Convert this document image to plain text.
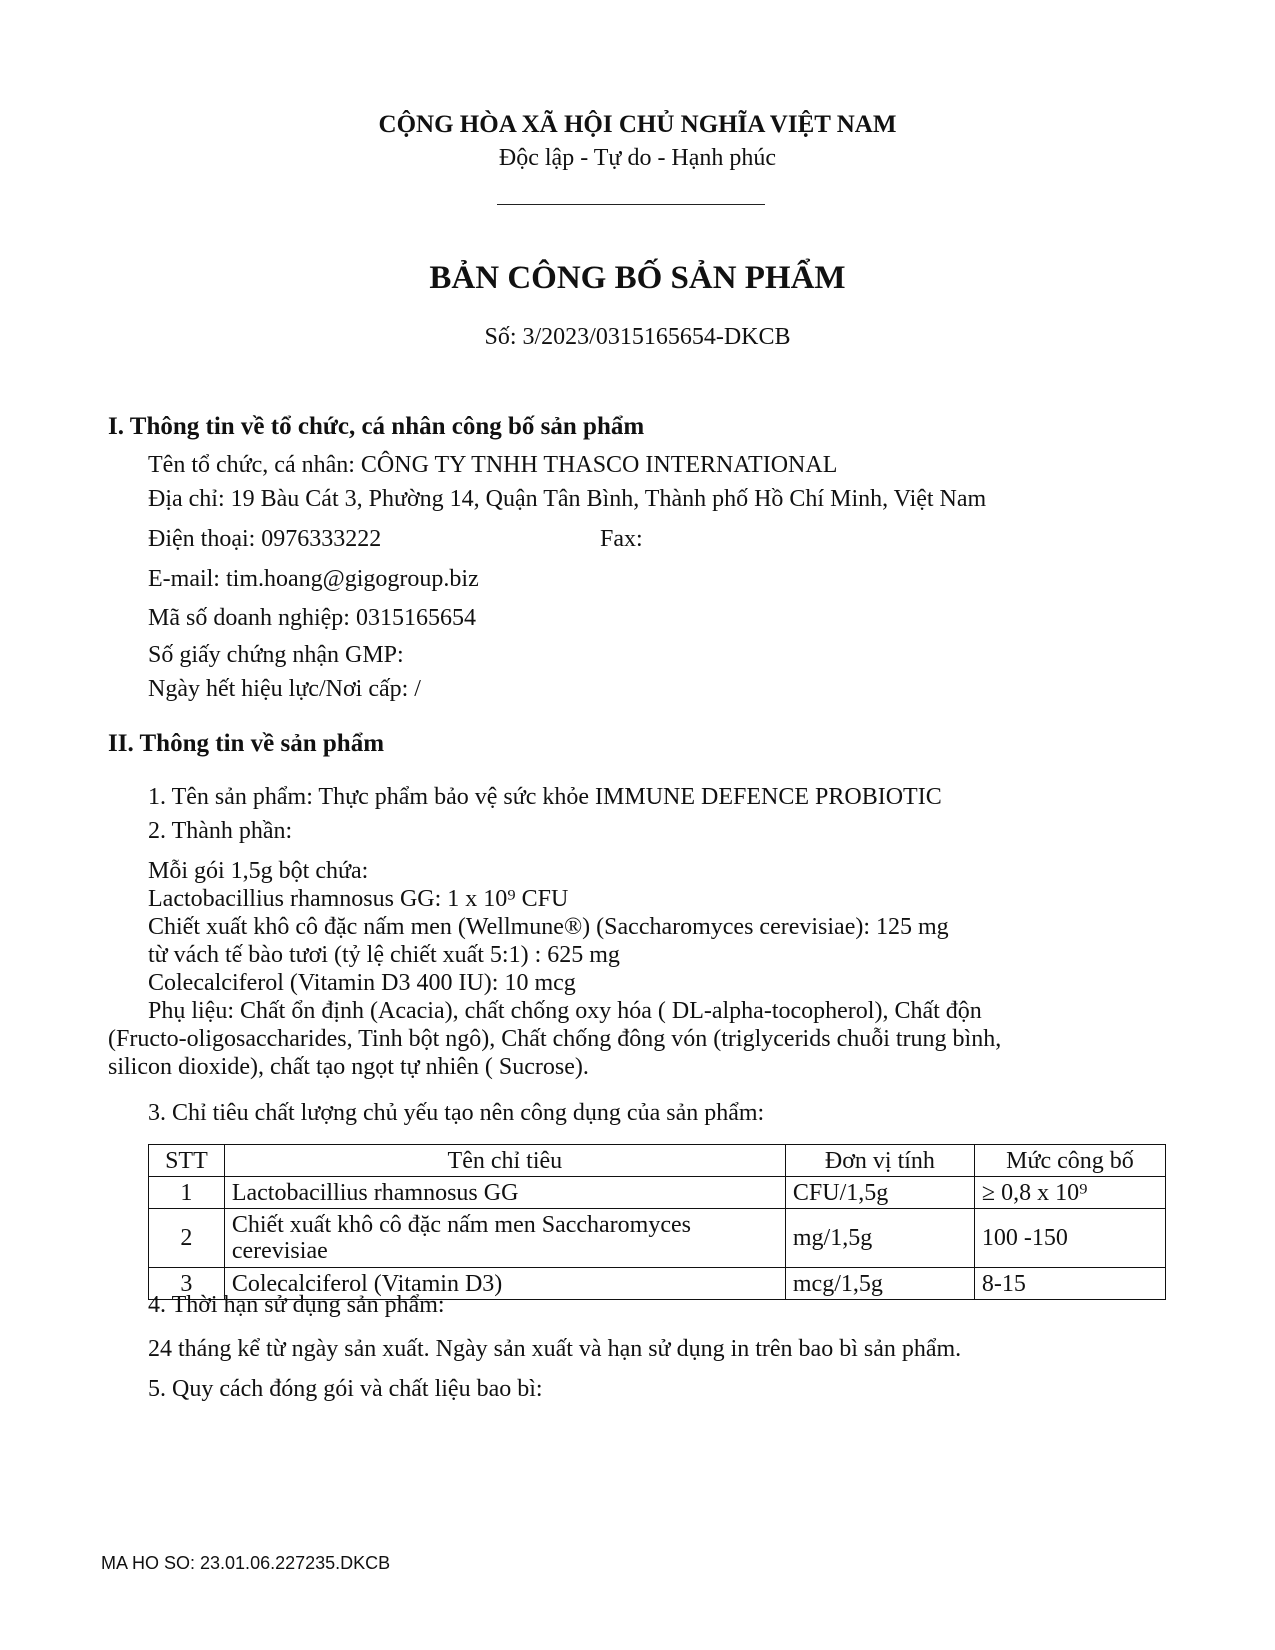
CỘNG HÒA XÃ HỘI CHỦ NGHĨA VIỆT NAM
Độc lập - Tự do - Hạnh phúc
BẢN CÔNG BỐ SẢN PHẨM
Số: 3/2023/0315165654-DKCB
I. Thông tin về tổ chức, cá nhân công bố sản phẩm
Tên tổ chức, cá nhân: CÔNG TY TNHH THASCO INTERNATIONAL
Địa chỉ: 19 Bàu Cát 3, Phường 14, Quận Tân Bình, Thành phố Hồ Chí Minh, Việt Nam
Điện thoại: 0976333222	Fax:
E-mail: tim.hoang@gigogroup.biz
Mã số doanh nghiệp: 0315165654
Số giấy chứng nhận GMP:
Ngày hết hiệu lực/Nơi cấp: /
II. Thông tin về sản phẩm
1. Tên sản phẩm: Thực phẩm bảo vệ sức khỏe IMMUNE DEFENCE PROBIOTIC
2. Thành phần:
Mỗi gói 1,5g bột chứa:
Lactobacillius rhamnosus GG: 1 x 10⁹ CFU
Chiết xuất khô cô đặc nấm men (Wellmune®) (Saccharomyces cerevisiae): 125 mg
từ vách tế bào tươi (tỷ lệ chiết xuất 5:1) : 625 mg
Colecalciferol (Vitamin D3 400 IU): 10 mcg
Phụ liệu: Chất ổn định (Acacia), chất chống oxy hóa ( DL-alpha-tocopherol), Chất độn
(Fructo-oligosaccharides, Tinh bột ngô), Chất chống đông vón (triglycerids chuỗi trung bình,
silicon dioxide), chất tạo ngọt tự nhiên ( Sucrose).
3. Chỉ tiêu chất lượng chủ yếu tạo nên công dụng của sản phẩm:
STT	Tên chỉ tiêu	Đơn vị tính	Mức công bố
1	Lactobacillius rhamnosus GG	CFU/1,5g	≥ 0,8 x 10⁹
2	Chiết xuất khô cô đặc nấm men Saccharomyces cerevisiae	mg/1,5g	100 -150
3	Colecalciferol (Vitamin D3)	mcg/1,5g	8-15
4. Thời hạn sử dụng sản phẩm:
24 tháng kể từ ngày sản xuất. Ngày sản xuất và hạn sử dụng in trên bao bì sản phẩm.
5. Quy cách đóng gói và chất liệu bao bì:
MA HO SO: 23.01.06.227235.DKCB
